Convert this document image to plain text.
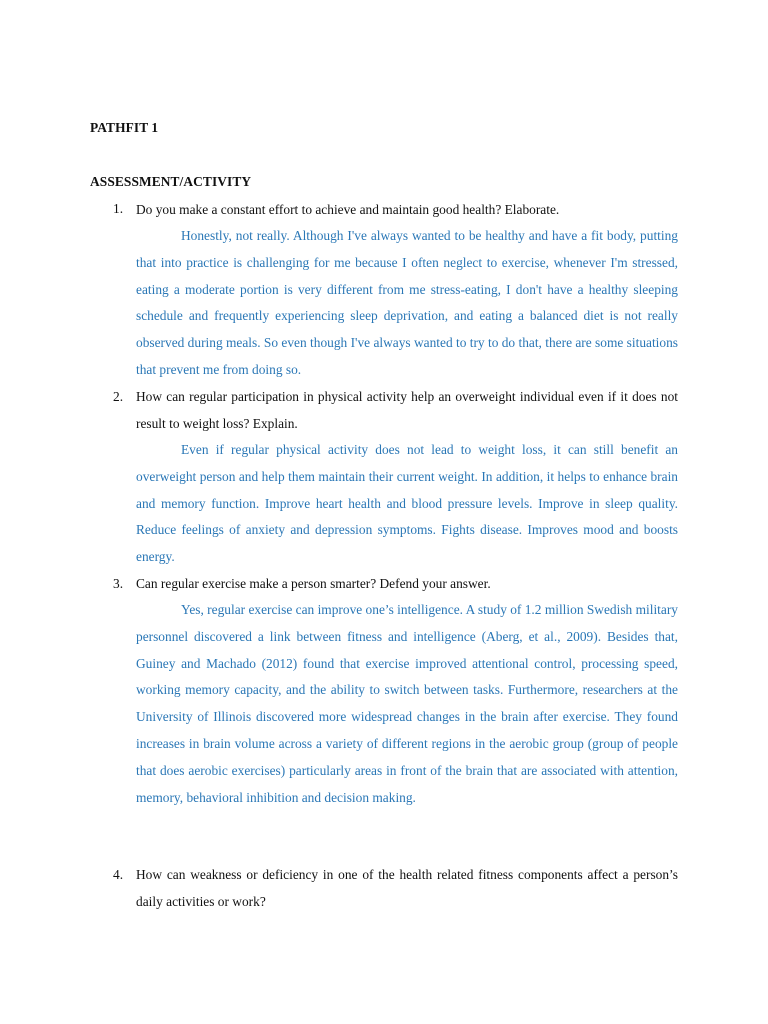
PATHFIT 1
ASSESSMENT/ACTIVITY
1. Do you make a constant effort to achieve and maintain good health? Elaborate.
Honestly, not really. Although I've always wanted to be healthy and have a fit body, putting that into practice is challenging for me because I often neglect to exercise, whenever I'm stressed, eating a moderate portion is very different from me stress-eating, I don't have a healthy sleeping schedule and frequently experiencing sleep deprivation, and eating a balanced diet is not really observed during meals. So even though I've always wanted to try to do that, there are some situations that prevent me from doing so.
2. How can regular participation in physical activity help an overweight individual even if it does not result to weight loss? Explain.
Even if regular physical activity does not lead to weight loss, it can still benefit an overweight person and help them maintain their current weight. In addition, it helps to enhance brain and memory function. Improve heart health and blood pressure levels. Improve in sleep quality. Reduce feelings of anxiety and depression symptoms. Fights disease. Improves mood and boosts energy.
3. Can regular exercise make a person smarter? Defend your answer.
Yes, regular exercise can improve one’s intelligence. A study of 1.2 million Swedish military personnel discovered a link between fitness and intelligence (Aberg, et al., 2009). Besides that, Guiney and Machado (2012) found that exercise improved attentional control, processing speed, working memory capacity, and the ability to switch between tasks. Furthermore, researchers at the University of Illinois discovered more widespread changes in the brain after exercise. They found increases in brain volume across a variety of different regions in the aerobic group (group of people that does aerobic exercises) particularly areas in front of the brain that are associated with attention, memory, behavioral inhibition and decision making.
4. How can weakness or deficiency in one of the health related fitness components affect a person’s daily activities or work?
